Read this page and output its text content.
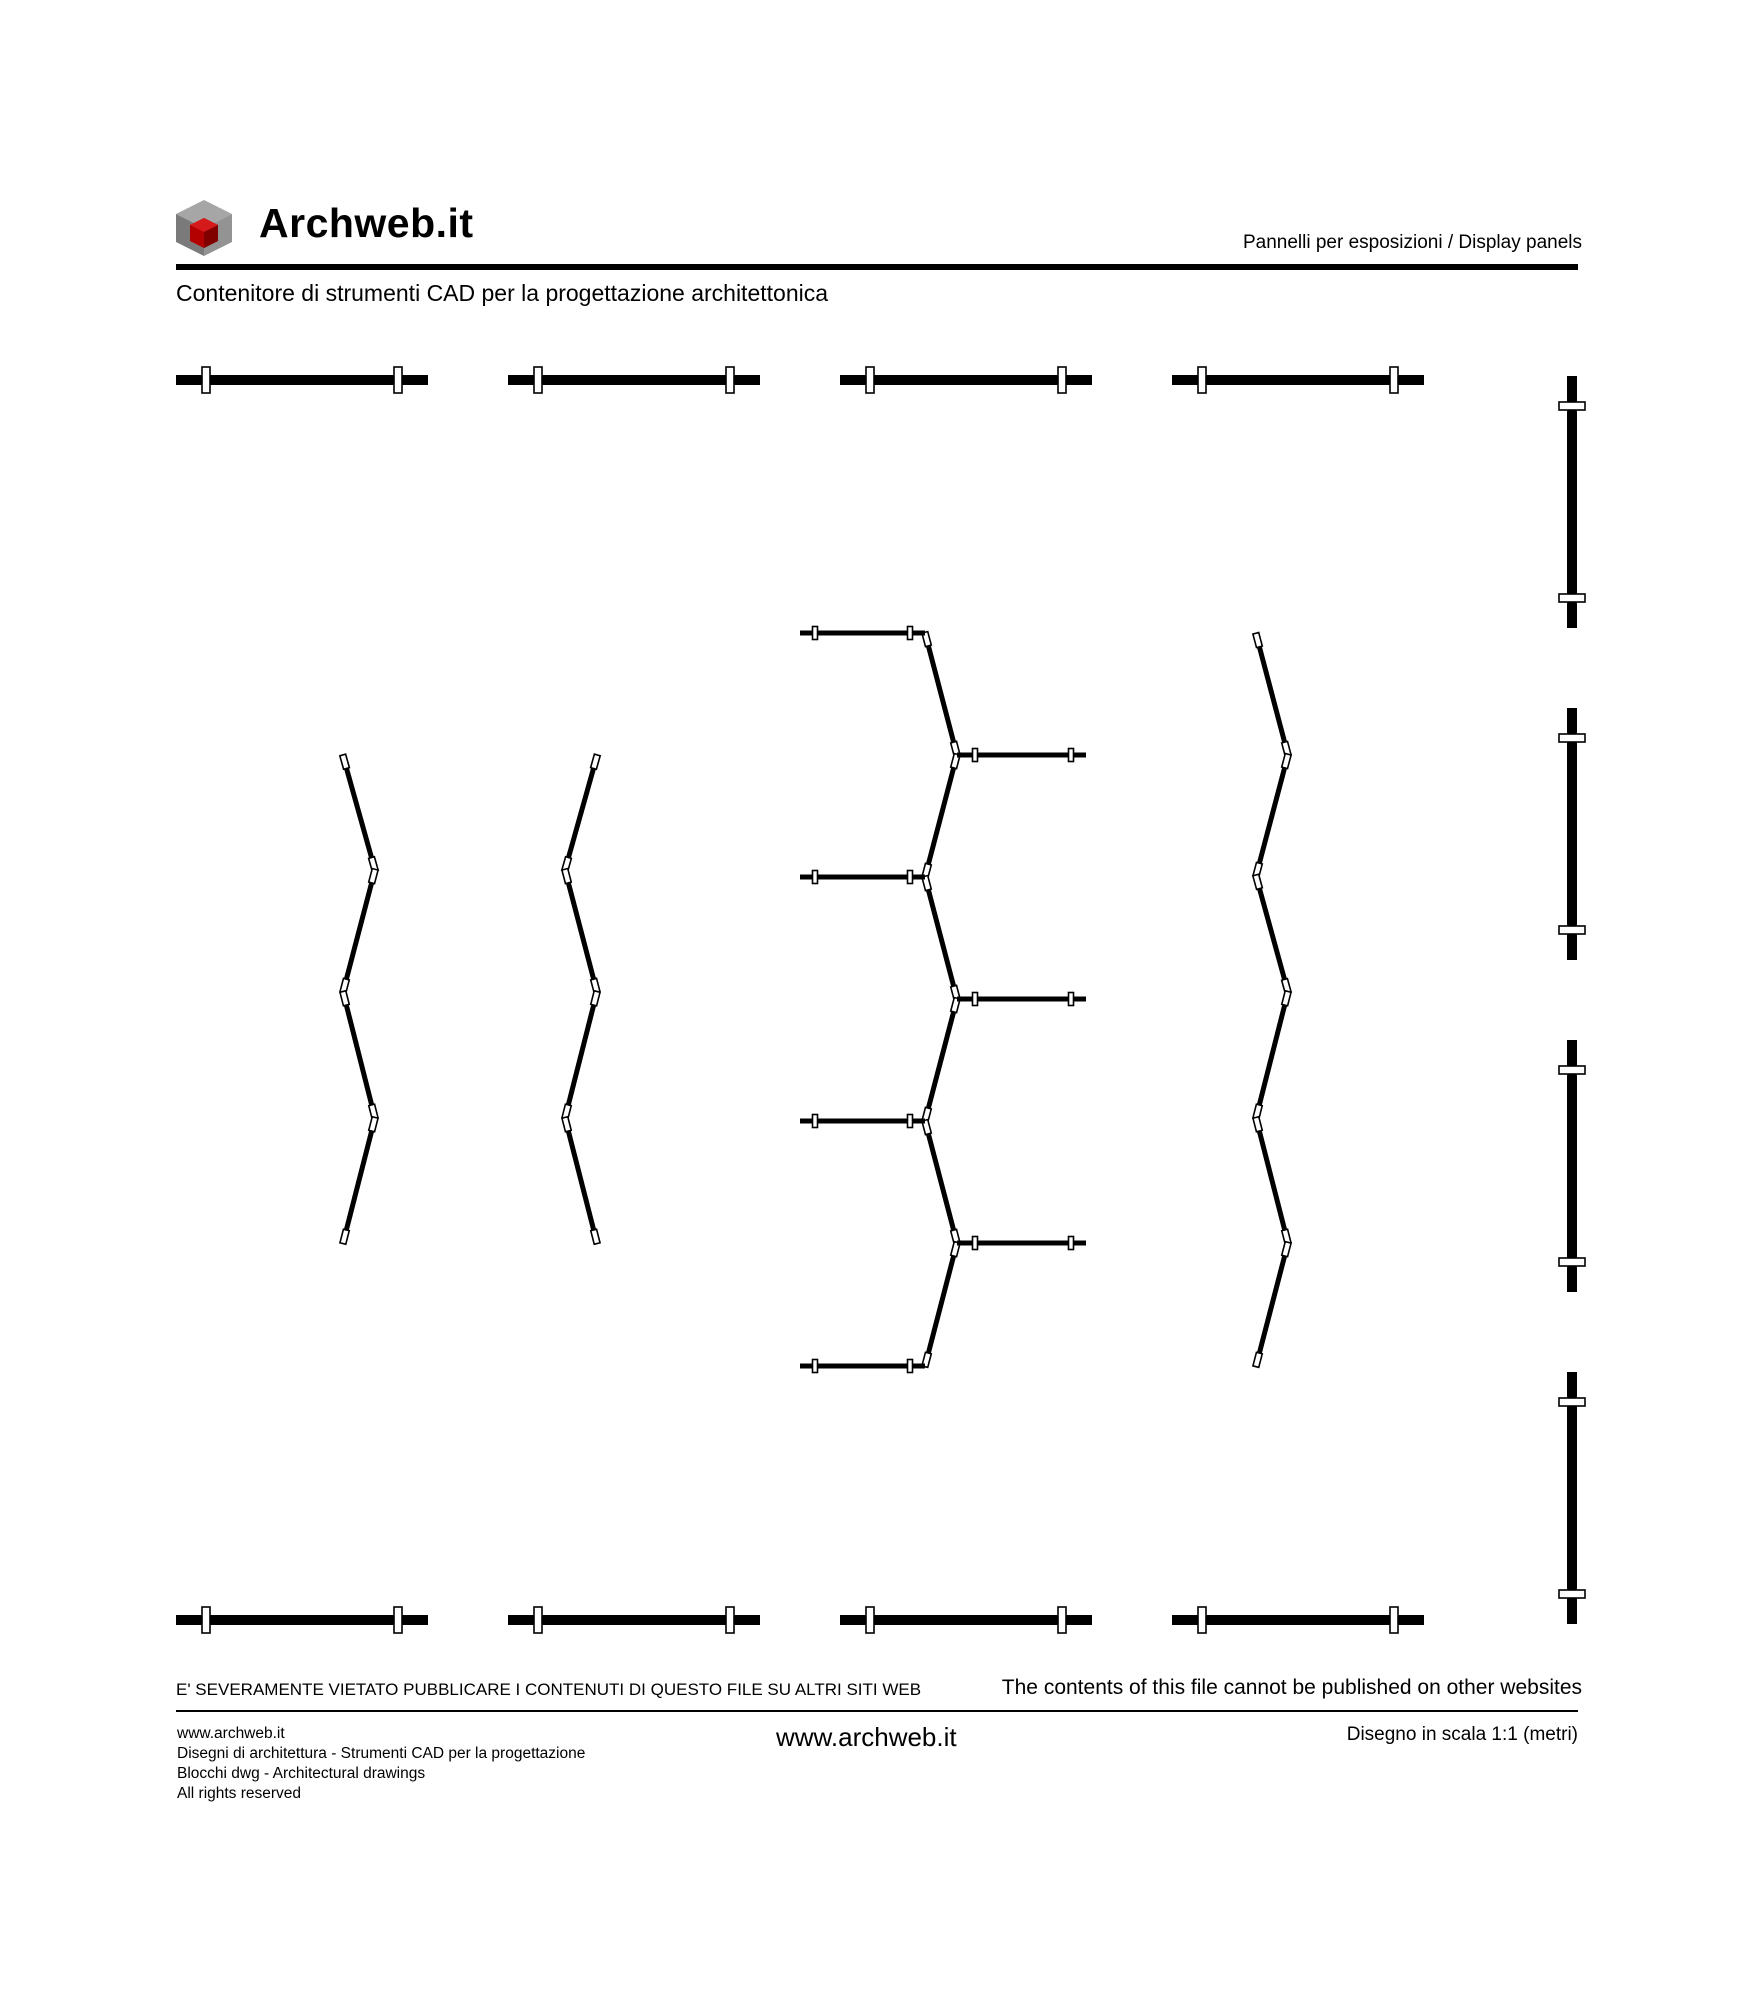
Archweb.it	Pannelli per esposizioni / Display panels
Contenitore di strumenti CAD per la progettazione architettonica
E' SEVERAMENTE VIETATO PUBBLICARE I CONTENUTI DI QUESTO FILE SU ALTRI SITI WEB	The contents of this file cannot be published on other websites
www.archweb.it
Disegni di architettura - Strumenti CAD per la progettazione
Blocchi dwg - Architectural drawings
All rights reserved
www.archweb.it	Disegno in scala 1:1 (metri)
